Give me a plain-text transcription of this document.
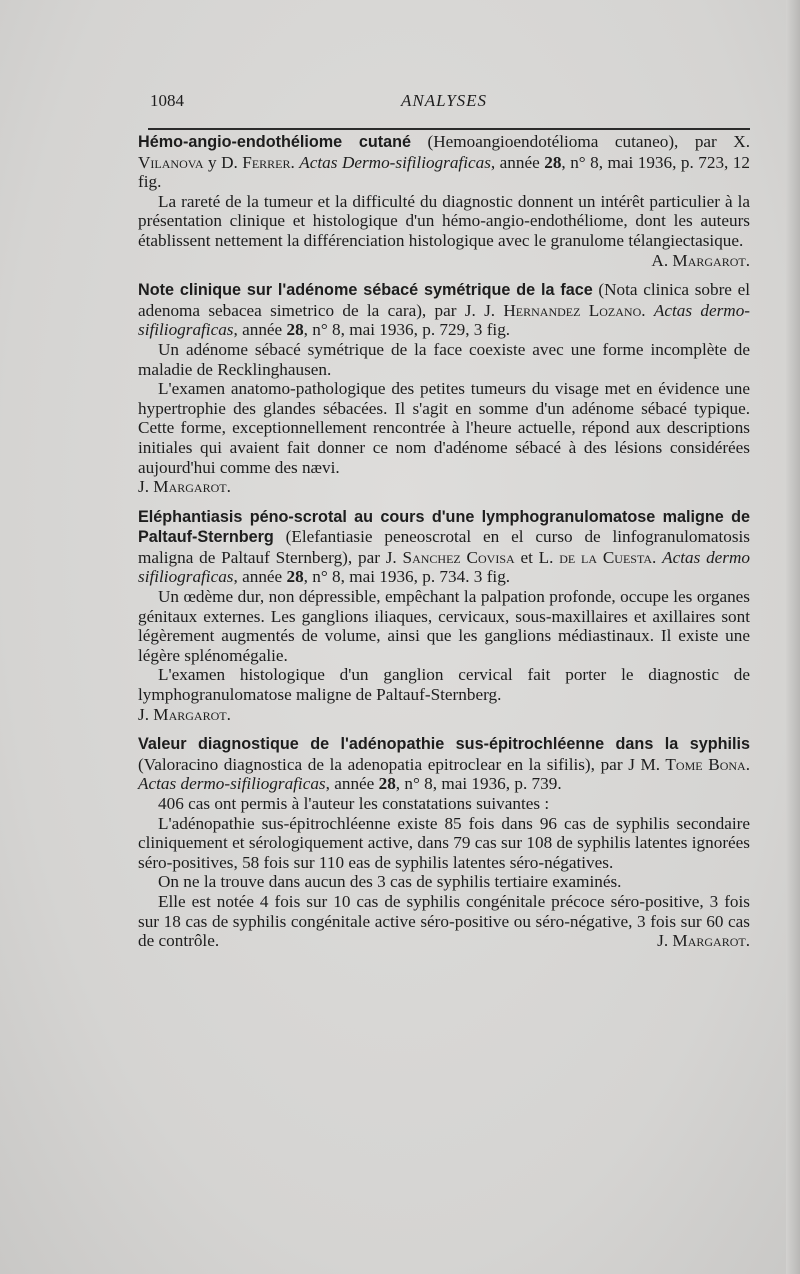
1084	ANALYSES

Hémo-angio-endothéliome cutané (Hemoangioendotélioma cutaneo), par X. Vilanova y D. Ferrer. Actas Dermo-sifiliograficas, année 28, n° 8, mai 1936, p. 723, 12 fig.

La rareté de la tumeur et la difficulté du diagnostic donnent un intérêt particulier à la présentation clinique et histologique d'un hémo-angio-endothéliome, dont les auteurs établissent nettement la différenciation histologique avec le granulome télangiectasique.
A. Margarot.

Note clinique sur l'adénome sébacé symétrique de la face (Nota clinica sobre el adenoma sebacea simetrico de la cara), par J. J. Hernandez Lozano. Actas dermo-sifiliograficas, année 28, n° 8, mai 1936, p. 729, 3 fig.

Un adénome sébacé symétrique de la face coexiste avec une forme incomplète de maladie de Recklinghausen.

L'examen anatomo-pathologique des petites tumeurs du visage met en évidence une hypertrophie des glandes sébacées. Il s'agit en somme d'un adénome sébacé typique. Cette forme, exceptionnellement rencontrée à l'heure actuelle, répond aux descriptions initiales qui avaient fait donner ce nom d'adénome sébacé à des lésions considérées aujourd'hui comme des nævi.

J. Margarot.

Eléphantiasis péno-scrotal au cours d'une lymphogranulomatose maligne de Paltauf-Sternberg (Elefantiasie peneoscrotal en el curso de linfogranulomatosis maligna de Paltauf Sternberg), par J. Sanchez Covisa et L. de la Cuesta. Actas dermo sifiliograficas, année 28, n° 8, mai 1936, p. 734. 3 fig.

Un œdème dur, non dépressible, empêchant la palpation profonde, occupe les organes génitaux externes. Les ganglions iliaques, cervicaux, sous-maxillaires et axillaires sont légèrement augmentés de volume, ainsi que les ganglions médiastinaux. Il existe une légère splénomégalie.

L'examen histologique d'un ganglion cervical fait porter le diagnostic de lymphogranulomatose maligne de Paltauf-Sternberg.

J. Margarot.

Valeur diagnostique de l'adénopathie sus-épitrochléenne dans la syphilis (Valoracino diagnostica de la adenopatia epitroclear en la sifilis), par J M. Tome Bona. Actas dermo-sifiliograficas, année 28, n° 8, mai 1936, p. 739.

406 cas ont permis à l'auteur les constatations suivantes :

L'adénopathie sus-épitrochléenne existe 85 fois dans 96 cas de syphilis secondaire cliniquement et sérologiquement active, dans 79 cas sur 108 de syphilis latentes ignorées séro-positives, 58 fois sur 110 eas de syphilis latentes séro-négatives.

On ne la trouve dans aucun des 3 cas de syphilis tertiaire examinés.

Elle est notée 4 fois sur 10 cas de syphilis congénitale précoce séro-positive, 3 fois sur 18 cas de syphilis congénitale active séro-positive ou séro-négative, 3 fois sur 60 cas de contrôle.	J. Margarot.
